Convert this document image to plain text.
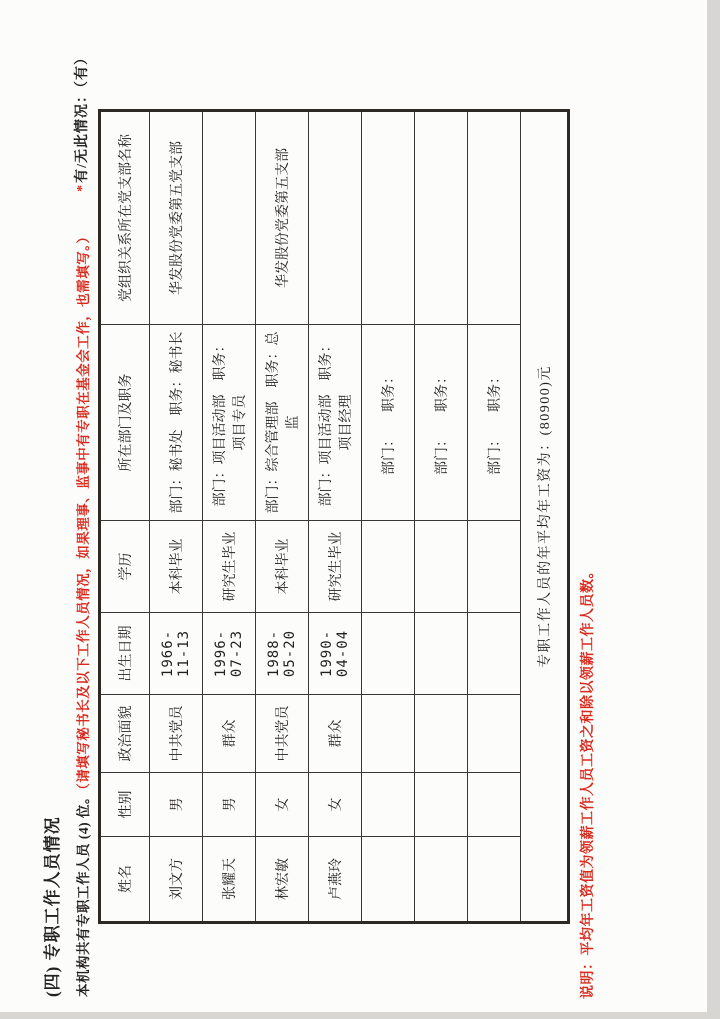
(四) 专职工作人员情况 本机构共有专职工作人员 (4) 位。（请填写秘书长及以下工作人员情况，如果理事、监事中有专职在基金会工作，也需填写。）
*有/无此情况：（有）
姓名	性别	政治面貌	出生日期	学历	所在部门及职务	党组织关系所在党支部名称
刘文方	男	中共党员	1966-11-13	本科毕业	部门：秘书处　职务：秘书长	华发股份党委第五党支部
张耀天	男	群众	1996-07-23	研究生毕业	部门：项目活动部　职务： 项目专员	

林宏敏	女	中共党员	1988-05-20	本科毕业	部门：综合管理部　职务：总监	华发股份党委第五支部
卢燕玲	女	群众	1990-04-04	研究生毕业	部门：项目活动部　职务： 项目经理	

					部门：　　职务：	

					部门：　　职务：	

					部门：　　职务：	

专职工作人员的年平均年工资为：(80900)元						
说明：平均年工资值为领薪工作人员工资之和除以领薪工作人员数。
